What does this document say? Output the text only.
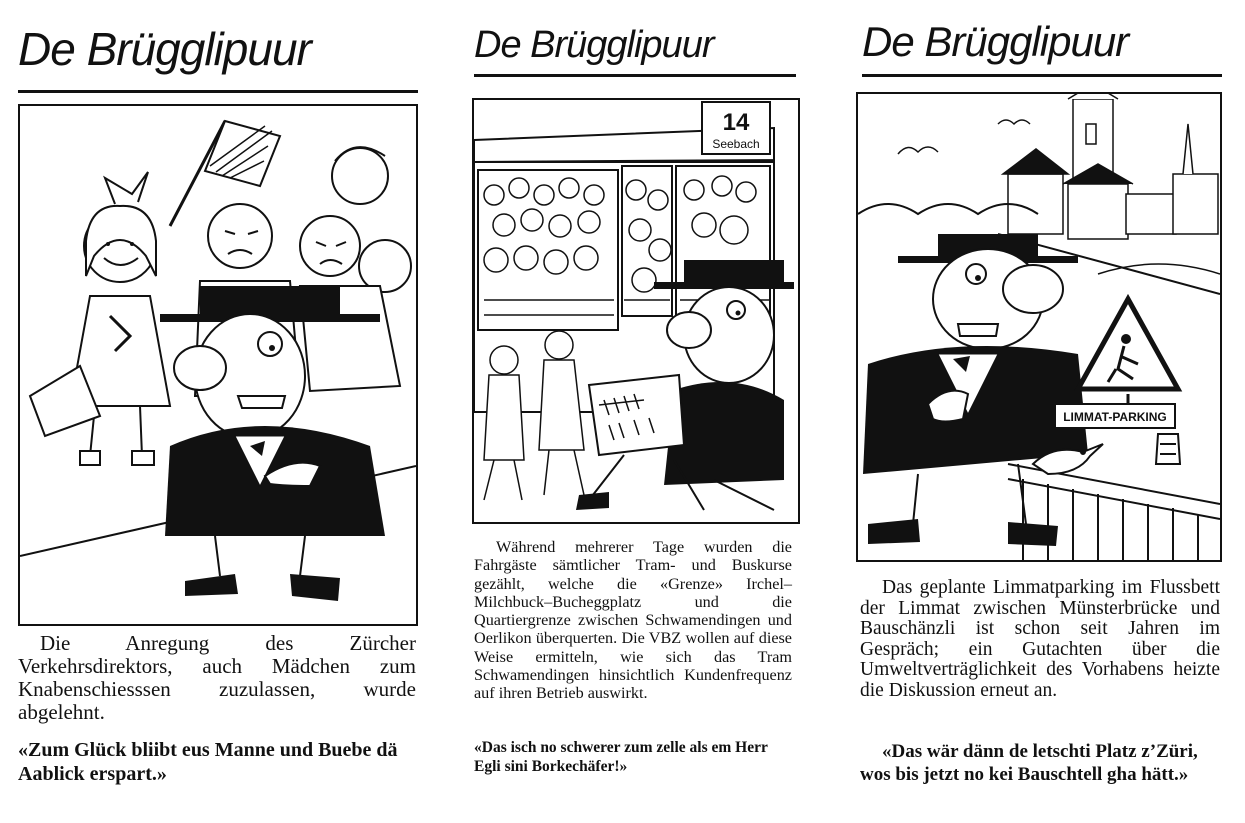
De Brügglipuur

Die Anregung des Zürcher Verkehrsdirektors, auch Mädchen zum Knabenschiesssen zuzulassen, wurde abgelehnt.

«Zum Glück bliibt eus Manne und Buebe dä Aablick erspart.»

De Brügglipuur
14
Seebach

Während mehrerer Tage wurden die Fahrgäste sämtlicher Tram- und Buskurse gezählt, welche die «Grenze» Irchel–Milchbuck–Bucheggplatz und die Quartiergrenze zwischen Schwamendingen und Oerlikon überquerten. Die VBZ wollen auf diese Weise ermitteln, wie sich das Tram Schwamendingen hinsichtlich Kundenfrequenz auf ihren Betrieb auswirkt.

«Das isch no schwerer zum zelle als em Herr Egli sini Borkechäfer!»

De Brügglipuur
LIMMAT-PARKING

Das geplante Limmatparking im Flussbett der Limmat zwischen Münsterbrücke und Bauschänzli ist schon seit Jahren im Gespräch; ein Gutachten über die Umweltverträglichkeit des Vorhabens heizte die Diskussion erneut an.

«Das wär dänn de letschti Platz z’Züri, wos bis jetzt no kei Bauschtell gha hätt.»
